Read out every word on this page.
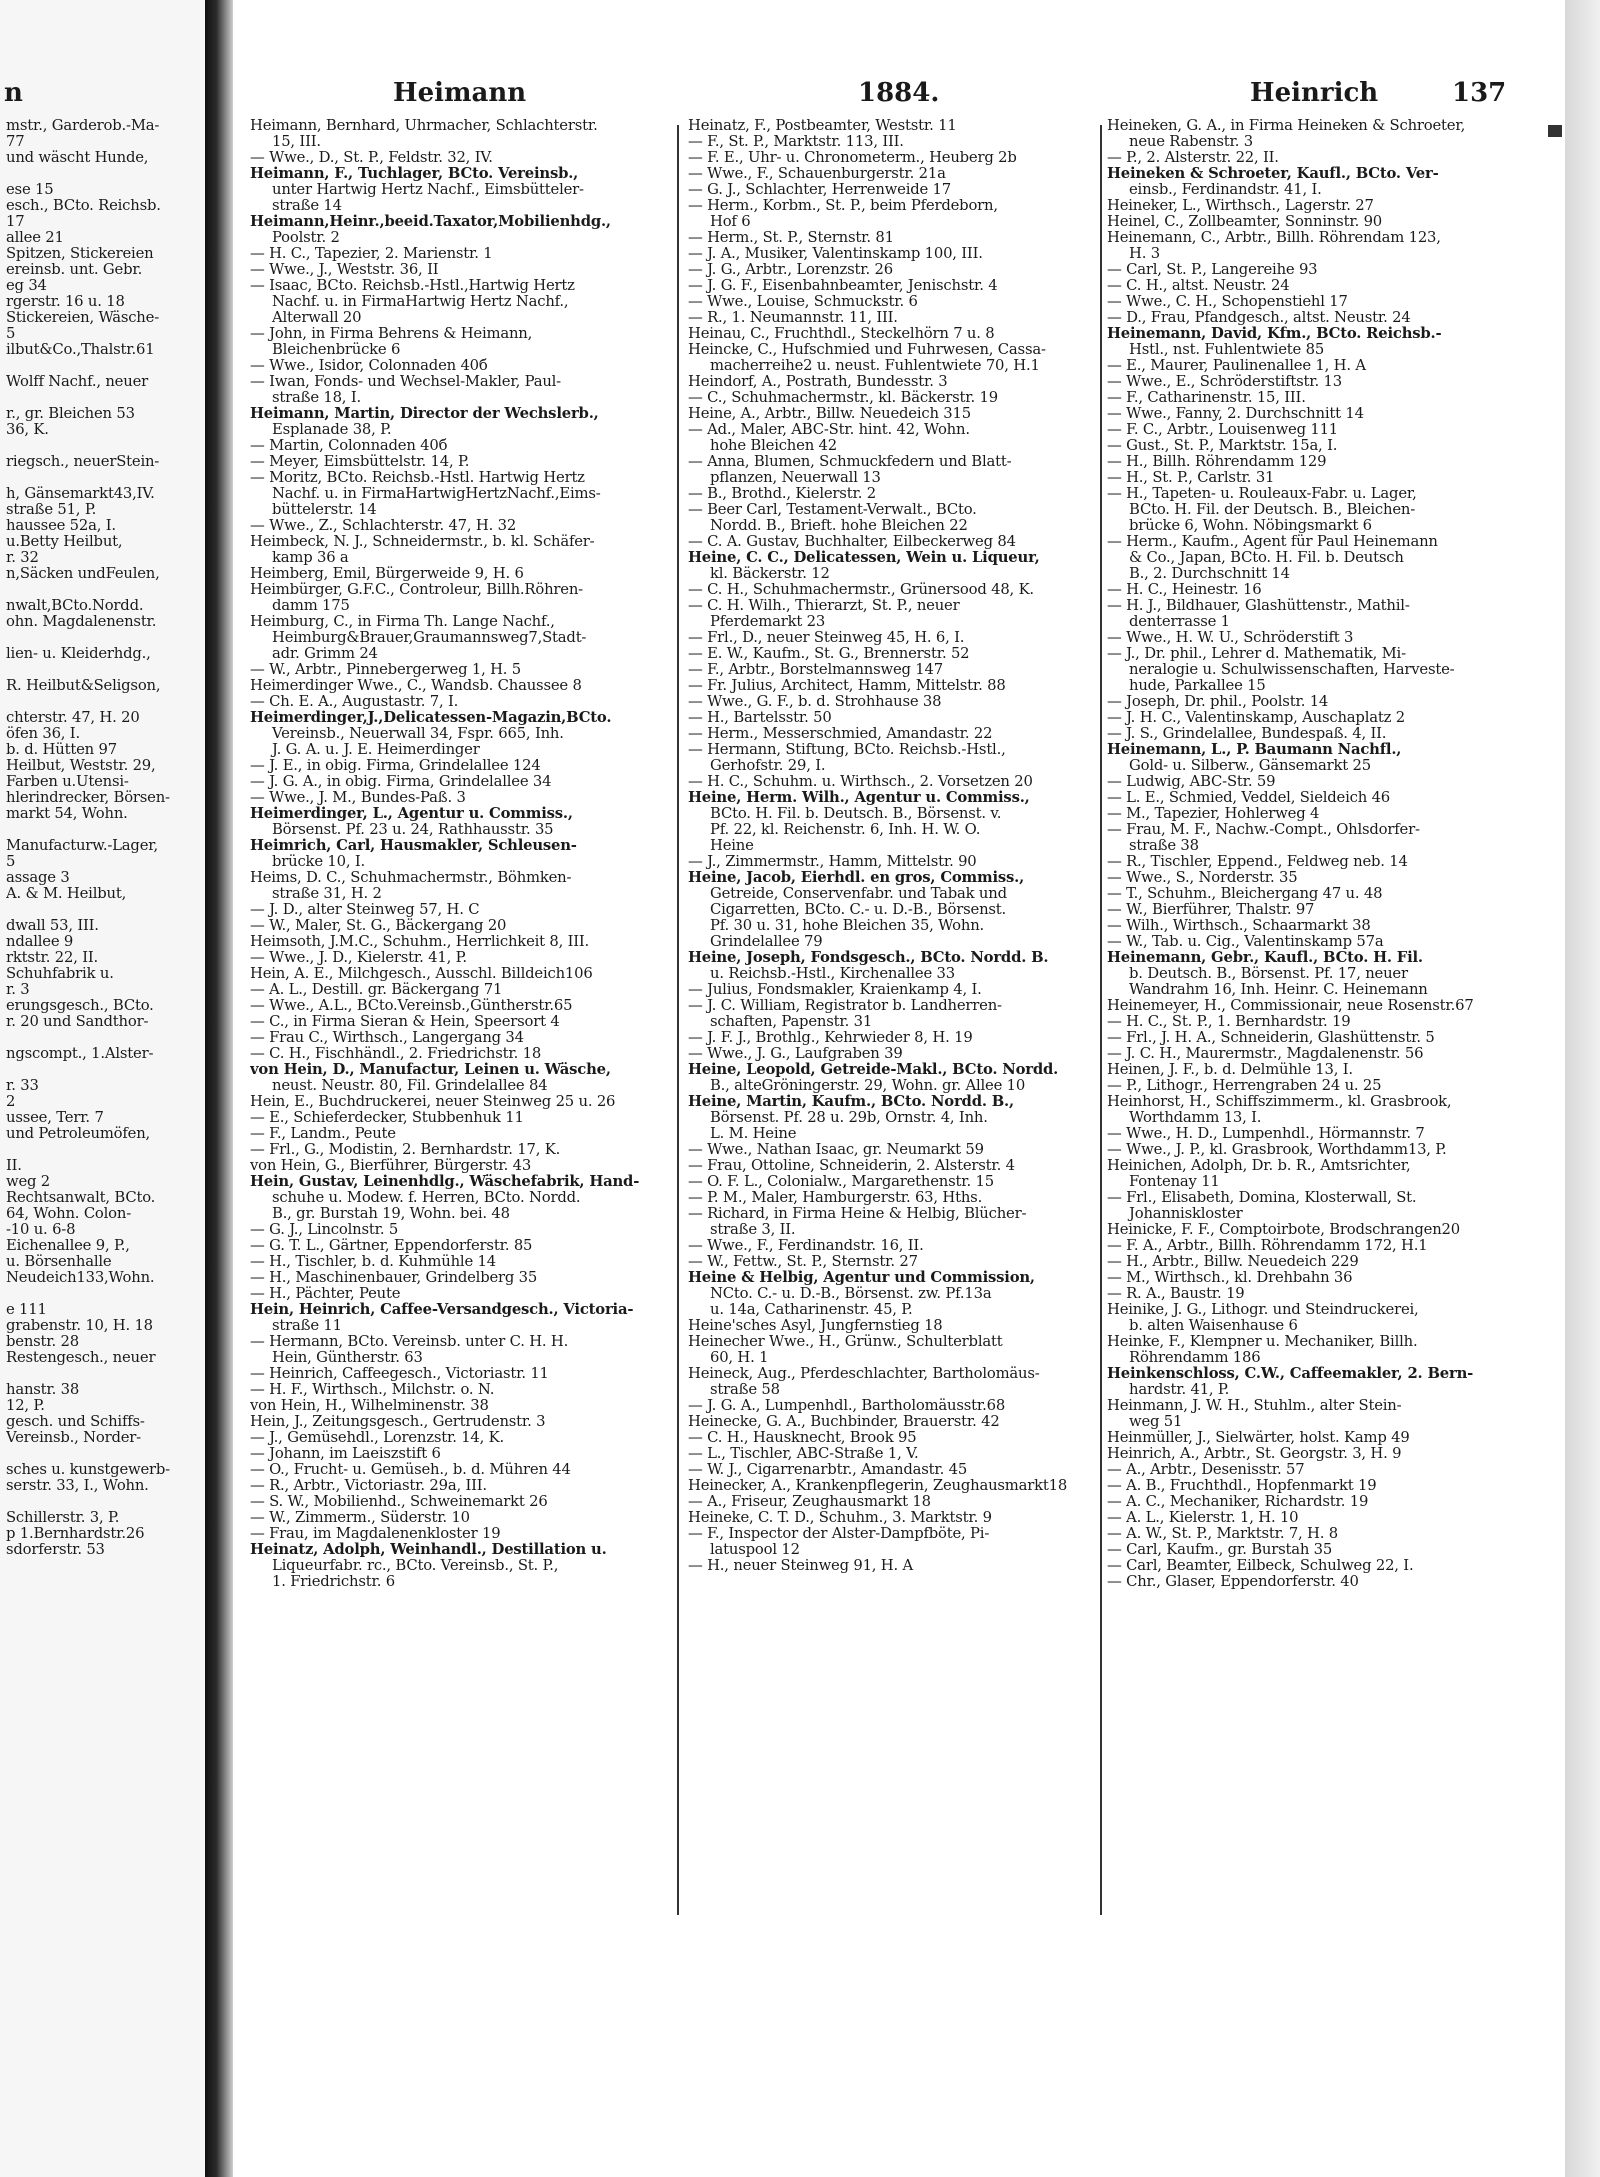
n
mstr., Garderob.-Ma-
77
und wäscht Hunde,

ese 15
esch., BCto. Reichsb.
17
allee 21
Spitzen, Stickereien
ereinsb. unt. Gebr.
eg 34
rgerstr. 16 u. 18
Stickereien, Wäsche-
5
ilbut&Co.,Thalstr.61

Wolff Nachf., neuer

r., gr. Bleichen 53
36, K.

riegsch., neuerStein-

h, Gänsemarkt43,IV.
straße 51, P.
haussee 52a, I.
u.Betty Heilbut,
r. 32
n,Säcken undFeulen,

nwalt,BCto.Nordd.
ohn. Magdalenenstr.

lien- u. Kleiderhdg.,

R. Heilbut&Seligson,

chterstr. 47, H. 20
öfen 36, I.
b. d. Hütten 97
Heilbut, Weststr. 29,
Farben u.Utensi-
hlerindrecker, Börsen-
markt 54, Wohn.

Manufacturw.-Lager,
5
assage 3
A. & M. Heilbut,

dwall 53, III.
ndallee 9
rktstr. 22, II.
Schuhfabrik u.
r. 3
erungsgesch., BCto.
r. 20 und Sandthor-

ngscompt., 1.Alster-

r. 33
2
ussee, Terr. 7
und Petroleumöfen,

II.
weg 2
Rechtsanwalt, BCto.
64, Wohn. Colon-
-10 u. 6-8
Eichenallee 9, P.,
u. Börsenhalle
Neudeich133,Wohn.

e 111
grabenstr. 10, H. 18
benstr. 28
Restengesch., neuer

hanstr. 38
12, P.
gesch. und Schiffs-
Vereinsb., Norder-

sches u. kunstgewerb-
serstr. 33, I., Wohn.

Schillerstr. 3, P.
p 1.Bernhardstr.26
sdorferstr. 53
Heimann	1884.	Heinrich	137
Heimann, Bernhard, Uhrmacher, Schlachterstr.
15, III.
— Wwe., D., St. P., Feldstr. 32, IV.
Heimann, F., Tuchlager, BCto. Vereinsb.,
unter Hartwig Hertz Nachf., Eimsbütteler-
straße 14
Heimann,Heinr.,beeid.Taxator,Mobilienhdg.,
Poolstr. 2
— H. C., Tapezier, 2. Marienstr. 1
— Wwe., J., Weststr. 36, II
— Isaac, BCto. Reichsb.-Hstl.,Hartwig Hertz
Nachf. u. in FirmaHartwig Hertz Nachf.,
Alterwall 20
— John, in Firma Behrens & Heimann,
Bleichenbrücke 6
— Wwe., Isidor, Colonnaden 40б
— Iwan, Fonds- und Wechsel-Makler, Paul-
straße 18, I.
Heimann, Martin, Director der Wechslerb.,
Esplanade 38, P.
— Martin, Colonnaden 40б
— Meyer, Eimsbüttelstr. 14, P.
— Moritz, BCto. Reichsb.-Hstl. Hartwig Hertz
Nachf. u. in FirmaHartwigHertzNachf.,Eims-
büttelerstr. 14
— Wwe., Z., Schlachterstr. 47, H. 32
Heimbeck, N. J., Schneidermstr., b. kl. Schäfer-
kamp 36 a
Heimberg, Emil, Bürgerweide 9, H. 6
Heimbürger, G.F.C., Controleur, Billh.Röhren-
damm 175
Heimburg, C., in Firma Th. Lange Nachf.,
Heimburg&Brauer,Graumannsweg7,Stadt-
adr. Grimm 24
— W., Arbtr., Pinnebergerweg 1, H. 5
Heimerdinger Wwe., C., Wandsb. Chaussee 8
— Ch. E. A., Augustastr. 7, I.
Heimerdinger,J.,Delicatessen-Magazin,BCto.
Vereinsb., Neuerwall 34, Fspr. 665, Inh.
J. G. A. u. J. E. Heimerdinger
— J. E., in obig. Firma, Grindelallee 124
— J. G. A., in obig. Firma, Grindelallee 34
— Wwe., J. M., Bundes-Paß. 3
Heimerdinger, L., Agentur u. Commiss.,
Börsenst. Pf. 23 u. 24, Rathhausstr. 35
Heimrich, Carl, Hausmakler, Schleusen-
brücke 10, I.
Heims, D. C., Schuhmachermstr., Böhmken-
straße 31, H. 2
— J. D., alter Steinweg 57, H. C
— W., Maler, St. G., Bäckergang 20
Heimsoth, J.M.C., Schuhm., Herrlichkeit 8, III.
— Wwe., J. D., Kielerstr. 41, P.
Hein, A. E., Milchgesch., Ausschl. Billdeich106
— A. L., Destill. gr. Bäckergang 71
— Wwe., A.L., BCto.Vereinsb.,Güntherstr.65
— C., in Firma Sieran & Hein, Speersort 4
— Frau C., Wirthsch., Langergang 34
— C. H., Fischhändl., 2. Friedrichstr. 18
von Hein, D., Manufactur, Leinen u. Wäsche,
neust. Neustr. 80, Fil. Grindelallee 84
Hein, E., Buchdruckerei, neuer Steinweg 25 u. 26
— E., Schieferdecker, Stubbenhuk 11
— F., Landm., Peute
— Frl., G., Modistin, 2. Bernhardstr. 17, K.
von Hein, G., Bierführer, Bürgerstr. 43
Hein, Gustav, Leinenhdlg., Wäschefabrik, Hand-
schuhe u. Modew. f. Herren, BCto. Nordd.
B., gr. Burstah 19, Wohn. bei. 48
— G. J., Lincolnstr. 5
— G. T. L., Gärtner, Eppendorferstr. 85
— H., Tischler, b. d. Kuhmühle 14
— H., Maschinenbauer, Grindelberg 35
— H., Pächter, Peute
Hein, Heinrich, Caffee-Versandgesch., Victoria-
straße 11
— Hermann, BCto. Vereinsb. unter C. H. H.
Hein, Güntherstr. 63
— Heinrich, Caffeegesch., Victoriastr. 11
— H. F., Wirthsch., Milchstr. o. N.
von Hein, H., Wilhelminenstr. 38
Hein, J., Zeitungsgesch., Gertrudenstr. 3
— J., Gemüsehdl., Lorenzstr. 14, K.
— Johann, im Laeiszstift 6
— O., Frucht- u. Gemüseh., b. d. Mühren 44
— R., Arbtr., Victoriastr. 29a, III.
— S. W., Mobilienhd., Schweinemarkt 26
— W., Zimmerm., Süderstr. 10
— Frau, im Magdalenenkloster 19
Heinatz, Adolph, Weinhandl., Destillation u.
Liqueurfabr. rc., BCto. Vereinsb., St. P.,
1. Friedrichstr. 6
Heinatz, F., Postbeamter, Weststr. 11
— F., St. P., Marktstr. 113, III.
— F. E., Uhr- u. Chronometerm., Heuberg 2b
— Wwe., F., Schauenburgerstr. 21a
— G. J., Schlachter, Herrenweide 17
— Herm., Korbm., St. P., beim Pferdeborn,
Hof 6
— Herm., St. P., Sternstr. 81
— J. A., Musiker, Valentinskamp 100, III.
— J. G., Arbtr., Lorenzstr. 26
— J. G. F., Eisenbahnbeamter, Jenischstr. 4
— Wwe., Louise, Schmuckstr. 6
— R., 1. Neumannstr. 11, III.
Heinau, C., Fruchthdl., Steckelhörn 7 u. 8
Heincke, C., Hufschmied und Fuhrwesen, Cassa-
macherreihe2 u. neust. Fuhlentwiete 70, H.1
Heindorf, A., Postrath, Bundesstr. 3
— C., Schuhmachermstr., kl. Bäckerstr. 19
Heine, A., Arbtr., Billw. Neuedeich 315
— Ad., Maler, ABC-Str. hint. 42, Wohn.
hohe Bleichen 42
— Anna, Blumen, Schmuckfedern und Blatt-
pflanzen, Neuerwall 13
— B., Brothd., Kielerstr. 2
— Beer Carl, Testament-Verwalt., BCto.
Nordd. B., Brieft. hohe Bleichen 22
— C. A. Gustav, Buchhalter, Eilbeckerweg 84
Heine, C. C., Delicatessen, Wein u. Liqueur,
kl. Bäckerstr. 12
— C. H., Schuhmachermstr., Grünersood 48, K.
— C. H. Wilh., Thierarzt, St. P., neuer
Pferdemarkt 23
— Frl., D., neuer Steinweg 45, H. 6, I.
— E. W., Kaufm., St. G., Brennerstr. 52
— F., Arbtr., Borstelmannsweg 147
— Fr. Julius, Architect, Hamm, Mittelstr. 88
— Wwe., G. F., b. d. Strohhause 38
— H., Bartelsstr. 50
— Herm., Messerschmied, Amandastr. 22
— Hermann, Stiftung, BCto. Reichsb.-Hstl.,
Gerhofstr. 29, I.
— H. C., Schuhm. u. Wirthsch., 2. Vorsetzen 20
Heine, Herm. Wilh., Agentur u. Commiss.,
BCto. H. Fil. b. Deutsch. B., Börsenst. v.
Pf. 22, kl. Reichenstr. 6, Inh. H. W. O.
Heine
— J., Zimmermstr., Hamm, Mittelstr. 90
Heine, Jacob, Eierhdl. en gros, Commiss.,
Getreide, Conservenfabr. und Tabak und
Cigarretten, BCto. C.- u. D.-B., Börsenst.
Pf. 30 u. 31, hohe Bleichen 35, Wohn.
Grindelallee 79
Heine, Joseph, Fondsgesch., BCto. Nordd. B.
u. Reichsb.-Hstl., Kirchenallee 33
— Julius, Fondsmakler, Kraienkamp 4, I.
— J. C. William, Registrator b. Landherren-
schaften, Papenstr. 31
— J. F. J., Brothlg., Kehrwieder 8, H. 19
— Wwe., J. G., Laufgraben 39
Heine, Leopold, Getreide-Makl., BCto. Nordd.
B., alteGröningerstr. 29, Wohn. gr. Allee 10
Heine, Martin, Kaufm., BCto. Nordd. B.,
Börsenst. Pf. 28 u. 29b, Ornstr. 4, Inh.
L. M. Heine
— Wwe., Nathan Isaac, gr. Neumarkt 59
— Frau, Ottoline, Schneiderin, 2. Alsterstr. 4
— O. F. L., Colonialw., Margarethenstr. 15
— P. M., Maler, Hamburgerstr. 63, Hths.
— Richard, in Firma Heine & Helbig, Blücher-
straße 3, II.
— Wwe., F., Ferdinandstr. 16, II.
— W., Fettw., St. P., Sternstr. 27
Heine & Helbig, Agentur und Commission,
NCto. C.- u. D.-B., Börsenst. zw. Pf.13a
u. 14a, Catharinenstr. 45, P.
Heine'sches Asyl, Jungfernstieg 18
Heinecher Wwe., H., Grünw., Schulterblatt
60, H. 1
Heineck, Aug., Pferdeschlachter, Bartholomäus-
straße 58
— J. G. A., Lumpenhdl., Bartholomäusstr.68
Heinecke, G. A., Buchbinder, Brauerstr. 42
— C. H., Hausknecht, Brook 95
— L., Tischler, ABC-Straße 1, V.
— W. J., Cigarrenarbtr., Amandastr. 45
Heinecker, A., Krankenpflegerin, Zeughausmarkt18
— A., Friseur, Zeughausmarkt 18
Heineke, C. T. D., Schuhm., 3. Marktstr. 9
— F., Inspector der Alster-Dampfböte, Pi-
latuspool 12
— H., neuer Steinweg 91, H. A
Heineken, G. A., in Firma Heineken & Schroeter,
neue Rabenstr. 3
— P., 2. Alsterstr. 22, II.
Heineken & Schroeter, Kaufl., BCto. Ver-
einsb., Ferdinandstr. 41, I.
Heineker, L., Wirthsch., Lagerstr. 27
Heinel, C., Zollbeamter, Sonninstr. 90
Heinemann, C., Arbtr., Billh. Röhrendam 123,
H. 3
— Carl, St. P., Langereihe 93
— C. H., altst. Neustr. 24
— Wwe., C. H., Schopenstiehl 17
— D., Frau, Pfandgesch., altst. Neustr. 24
Heinemann, David, Kfm., BCto. Reichsb.-
Hstl., nst. Fuhlentwiete 85
— E., Maurer, Paulinenallee 1, H. A
— Wwe., E., Schröderstiftstr. 13
— F., Catharinenstr. 15, III.
— Wwe., Fanny, 2. Durchschnitt 14
— F. C., Arbtr., Louisenweg 111
— Gust., St. P., Marktstr. 15a, I.
— H., Billh. Röhrendamm 129
— H., St. P., Carlstr. 31
— H., Tapeten- u. Rouleaux-Fabr. u. Lager,
BCto. H. Fil. der Deutsch. B., Bleichen-
brücke 6, Wohn. Nöbingsmarkt 6
— Herm., Kaufm., Agent für Paul Heinemann
& Co., Japan, BCto. H. Fil. b. Deutsch
B., 2. Durchschnitt 14
— H. C., Heinestr. 16
— H. J., Bildhauer, Glashüttenstr., Mathil-
denterrasse 1
— Wwe., H. W. U., Schröderstift 3
— J., Dr. phil., Lehrer d. Mathematik, Mi-
neralogie u. Schulwissenschaften, Harveste-
hude, Parkallee 15
— Joseph, Dr. phil., Poolstr. 14
— J. H. C., Valentinskamp, Auschaplatz 2
— J. S., Grindelallee, Bundespaß. 4, II.
Heinemann, L., P. Baumann Nachfl.,
Gold- u. Silberw., Gänsemarkt 25
— Ludwig, ABC-Str. 59
— L. E., Schmied, Veddel, Sieldeich 46
— M., Tapezier, Hohlerweg 4
— Frau, M. F., Nachw.-Compt., Ohlsdorfer-
straße 38
— R., Tischler, Eppend., Feldweg neb. 14
— Wwe., S., Norderstr. 35
— T., Schuhm., Bleichergang 47 u. 48
— W., Bierführer, Thalstr. 97
— Wilh., Wirthsch., Schaarmarkt 38
— W., Tab. u. Cig., Valentinskamp 57a
Heinemann, Gebr., Kaufl., BCto. H. Fil.
b. Deutsch. B., Börsenst. Pf. 17, neuer
Wandrahm 16, Inh. Heinr. C. Heinemann
Heinemeyer, H., Commissionair, neue Rosenstr.67
— H. C., St. P., 1. Bernhardstr. 19
— Frl., J. H. A., Schneiderin, Glashüttenstr. 5
— J. C. H., Maurermstr., Magdalenenstr. 56
Heinen, J. F., b. d. Delmühle 13, I.
— P., Lithogr., Herrengraben 24 u. 25
Heinhorst, H., Schiffszimmerm., kl. Grasbrook,
Worthdamm 13, I.
— Wwe., H. D., Lumpenhdl., Hörmannstr. 7
— Wwe., J. P., kl. Grasbrook, Worthdamm13, P.
Heinichen, Adolph, Dr. b. R., Amtsrichter,
Fontenay 11
— Frl., Elisabeth, Domina, Klosterwall, St.
Johanniskloster
Heinicke, F. F., Comptoirbote, Brodschrangen20
— F. A., Arbtr., Billh. Röhrendamm 172, H.1
— H., Arbtr., Billw. Neuedeich 229
— M., Wirthsch., kl. Drehbahn 36
— R. A., Baustr. 19
Heinike, J. G., Lithogr. und Steindruckerei,
b. alten Waisenhause 6
Heinke, F., Klempner u. Mechaniker, Billh.
Röhrendamm 186
Heinkenschloss, C.W., Caffeemakler, 2. Bern-
hardstr. 41, P.
Heinmann, J. W. H., Stuhlm., alter Stein-
weg 51
Heinmüller, J., Sielwärter, holst. Kamp 49
Heinrich, A., Arbtr., St. Georgstr. 3, H. 9
— A., Arbtr., Desenisstr. 57
— A. B., Fruchthdl., Hopfenmarkt 19
— A. C., Mechaniker, Richardstr. 19
— A. L., Kielerstr. 1, H. 10
— A. W., St. P., Marktstr. 7, H. 8
— Carl, Kaufm., gr. Burstah 35
— Carl, Beamter, Eilbeck, Schulweg 22, I.
— Chr., Glaser, Eppendorferstr. 40
